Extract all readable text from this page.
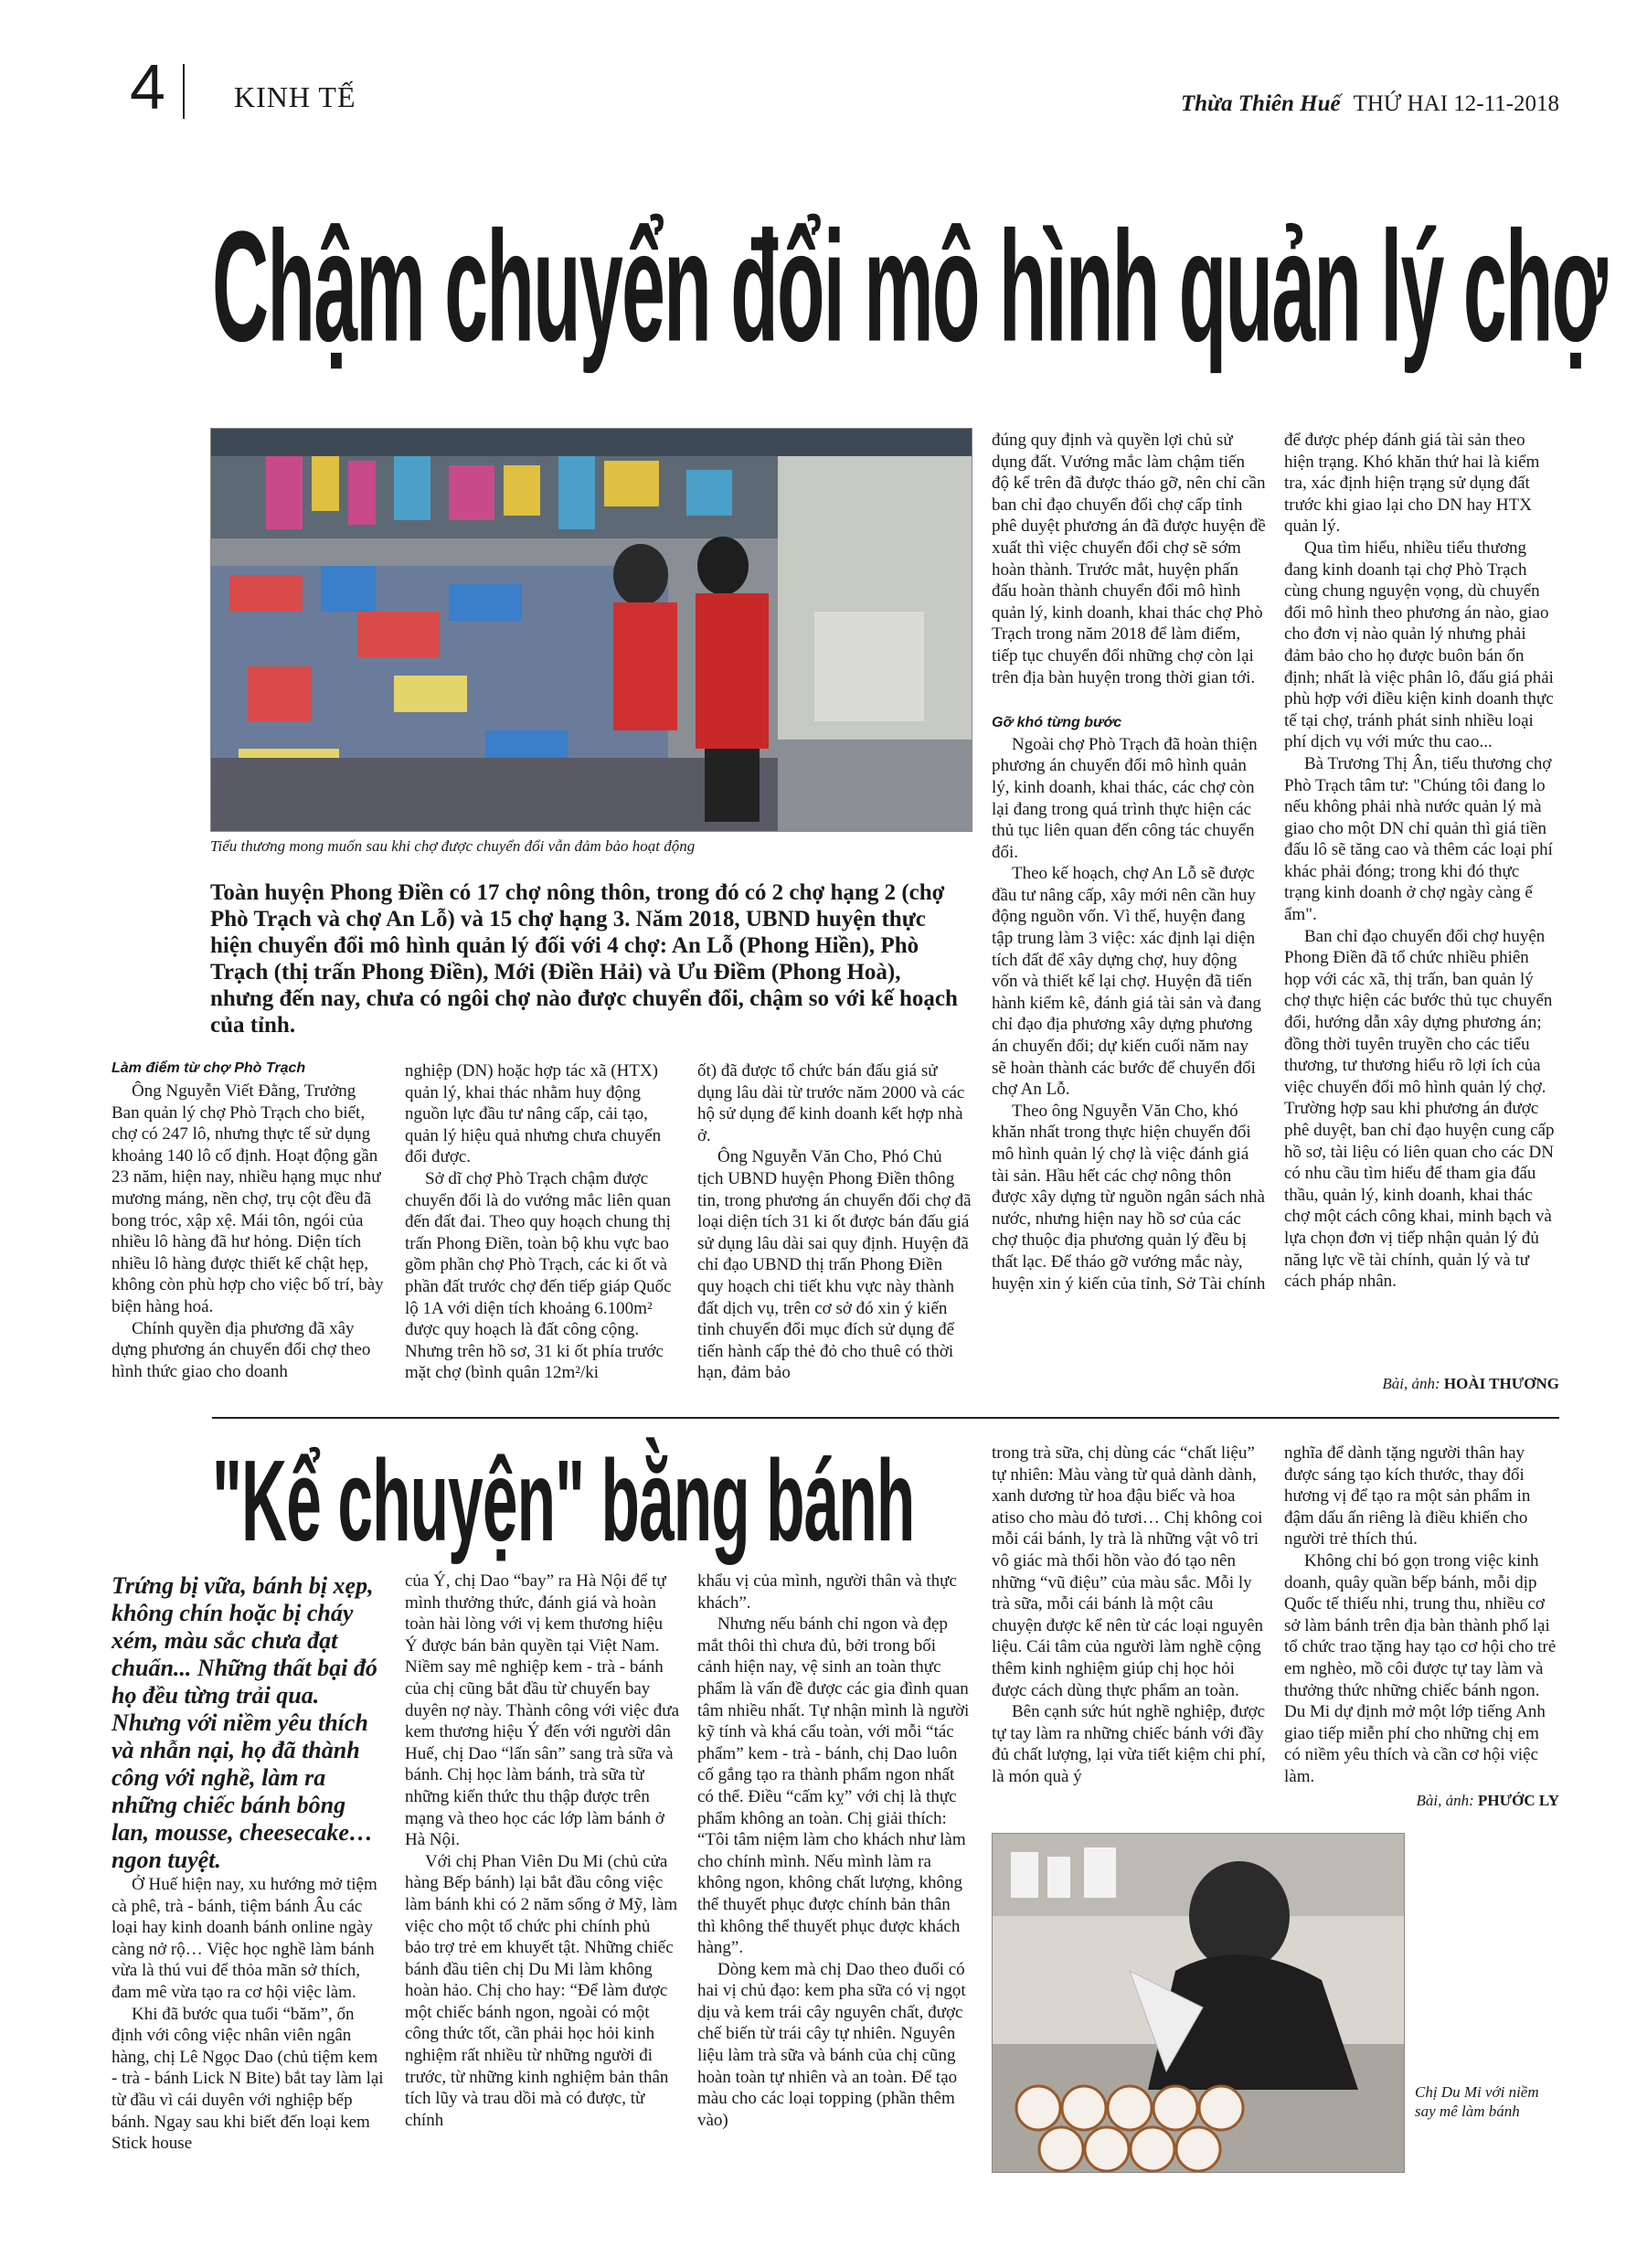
4 KINH TẾ	Thừa Thiên Huế THỨ HAI 12-11-2018
Chậm chuyển đổi mô hình quản lý chợ
Tiểu thương mong muốn sau khi chợ được chuyển đổi vẫn đảm bảo hoạt động
Toàn huyện Phong Điền có 17 chợ nông thôn, trong đó có 2 chợ hạng 2 (chợ Phò Trạch và chợ An Lỗ) và 15 chợ hạng 3. Năm 2018, UBND huyện thực hiện chuyển đổi mô hình quản lý đối với 4 chợ: An Lỗ (Phong Hiền), Phò Trạch (thị trấn Phong Điền), Mới (Điền Hải) và Ưu Điềm (Phong Hoà), nhưng đến nay, chưa có ngôi chợ nào được chuyển đổi, chậm so với kế hoạch của tỉnh.
Làm điểm từ chợ Phò Trạch

Ông Nguyễn Viết Đằng, Trưởng Ban quản lý chợ Phò Trạch cho biết, chợ có 247 lô, nhưng thực tế sử dụng khoảng 140 lô cố định. Hoạt động gần 23 năm, hiện nay, nhiều hạng mục như mương máng, nền chợ, trụ cột đều đã bong tróc, xập xệ. Mái tôn, ngói của nhiều lô hàng đã hư hỏng. Diện tích nhiều lô hàng được thiết kế chật hẹp, không còn phù hợp cho việc bố trí, bày biện hàng hoá.

Chính quyền địa phương đã xây dựng phương án chuyển đổi chợ theo hình thức giao cho doanh

nghiệp (DN) hoặc hợp tác xã (HTX) quản lý, khai thác nhằm huy động nguồn lực đầu tư nâng cấp, cải tạo, quản lý hiệu quả nhưng chưa chuyển đổi được.

Sở dĩ chợ Phò Trạch chậm được chuyển đổi là do vướng mắc liên quan đến đất đai. Theo quy hoạch chung thị trấn Phong Điền, toàn bộ khu vực bao gồm phần chợ Phò Trạch, các ki ốt và phần đất trước chợ đến tiếp giáp Quốc lộ 1A với diện tích khoảng 6.100m² được quy hoạch là đất công cộng. Nhưng trên hồ sơ, 31 ki ốt phía trước mặt chợ (bình quân 12m²/ki

ốt) đã được tổ chức bán đấu giá sử dụng lâu dài từ trước năm 2000 và các hộ sử dụng để kinh doanh kết hợp nhà ở.

Ông Nguyễn Văn Cho, Phó Chủ tịch UBND huyện Phong Điền thông tin, trong phương án chuyển đổi chợ đã loại diện tích 31 ki ốt được bán đấu giá sử dụng lâu dài sai quy định. Huyện đã chỉ đạo UBND thị trấn Phong Điền quy hoạch chi tiết khu vực này thành đất dịch vụ, trên cơ sở đó xin ý kiến tỉnh chuyển đổi mục đích sử dụng để tiến hành cấp thẻ đỏ cho thuê có thời hạn, đảm bảo

đúng quy định và quyền lợi chủ sử dụng đất. Vướng mắc làm chậm tiến độ kể trên đã được tháo gỡ, nên chỉ cần ban chỉ đạo chuyển đổi chợ cấp tỉnh phê duyệt phương án đã được huyện đề xuất thì việc chuyển đổi chợ sẽ sớm hoàn thành. Trước mắt, huyện phấn đấu hoàn thành chuyển đổi mô hình quản lý, kinh doanh, khai thác chợ Phò Trạch trong năm 2018 để làm điểm, tiếp tục chuyển đổi những chợ còn lại trên địa bàn huyện trong thời gian tới.

Gỡ khó từng bước

Ngoài chợ Phò Trạch đã hoàn thiện phương án chuyển đổi mô hình quản lý, kinh doanh, khai thác, các chợ còn lại đang trong quá trình thực hiện các thủ tục liên quan đến công tác chuyển đổi.

Theo kế hoạch, chợ An Lỗ sẽ được đầu tư nâng cấp, xây mới nên cần huy động nguồn vốn. Vì thế, huyện đang tập trung làm 3 việc: xác định lại diện tích đất để xây dựng chợ, huy động vốn và thiết kế lại chợ. Huyện đã tiến hành kiểm kê, đánh giá tài sản và đang chỉ đạo địa phương xây dựng phương án chuyển đổi; dự kiến cuối năm nay sẽ hoàn thành các bước để chuyển đổi chợ An Lỗ.

Theo ông Nguyễn Văn Cho, khó khăn nhất trong thực hiện chuyển đổi mô hình quản lý chợ là việc đánh giá tài sản. Hầu hết các chợ nông thôn được xây dựng từ nguồn ngân sách nhà nước, nhưng hiện nay hồ sơ của các chợ thuộc địa phương quản lý đều bị thất lạc. Để tháo gỡ vướng mắc này, huyện xin ý kiến của tỉnh, Sở Tài chính

để được phép đánh giá tài sản theo hiện trạng. Khó khăn thứ hai là kiểm tra, xác định hiện trạng sử dụng đất trước khi giao lại cho DN hay HTX quản lý.

Qua tìm hiểu, nhiều tiểu thương đang kinh doanh tại chợ Phò Trạch cùng chung nguyện vọng, dù chuyển đổi mô hình theo phương án nào, giao cho đơn vị nào quản lý nhưng phải đảm bảo cho họ được buôn bán ổn định; nhất là việc phân lô, đấu giá phải phù hợp với điều kiện kinh doanh thực tế tại chợ, tránh phát sinh nhiều loại phí dịch vụ với mức thu cao...

Bà Trương Thị Ân, tiểu thương chợ Phò Trạch tâm tư: "Chúng tôi đang lo nếu không phải nhà nước quản lý mà giao cho một DN chỉ quản thì giá tiền đấu lô sẽ tăng cao và thêm các loại phí khác phải đóng; trong khi đó thực trạng kinh doanh ở chợ ngày càng ế ẩm".

Ban chỉ đạo chuyển đổi chợ huyện Phong Điền đã tổ chức nhiều phiên họp với các xã, thị trấn, ban quản lý chợ thực hiện các bước thủ tục chuyển đổi, hướng dẫn xây dựng phương án; đồng thời tuyên truyền cho các tiểu thương, tư thương hiểu rõ lợi ích của việc chuyển đổi mô hình quản lý chợ. Trường hợp sau khi phương án được phê duyệt, ban chỉ đạo huyện cung cấp hồ sơ, tài liệu có liên quan cho các DN có nhu cầu tìm hiểu để tham gia đấu thầu, quản lý, kinh doanh, khai thác chợ một cách công khai, minh bạch và lựa chọn đơn vị tiếp nhận quản lý đủ năng lực về tài chính, quản lý và tư cách pháp nhân.

Bài, ảnh: HOÀI THƯƠNG
"Kể chuyện" bằng bánh
Trứng bị vữa, bánh bị xẹp, không chín hoặc bị cháy xém, màu sắc chưa đạt chuẩn... Những thất bại đó họ đều từng trải qua. Nhưng với niềm yêu thích và nhẫn nại, họ đã thành công với nghề, làm ra những chiếc bánh bông lan, mousse, cheesecake… ngon tuyệt.

Ở Huế hiện nay, xu hướng mở tiệm cà phê, trà - bánh, tiệm bánh Âu các loại hay kinh doanh bánh online ngày càng nở rộ… Việc học nghề làm bánh vừa là thú vui để thỏa mãn sở thích, đam mê vừa tạo ra cơ hội việc làm.

Khi đã bước qua tuổi “băm”, ổn định với công việc nhân viên ngân hàng, chị Lê Ngọc Dao (chủ tiệm kem - trà - bánh Lick N Bite) bắt tay làm lại từ đầu vì cái duyên với nghiệp bếp bánh. Ngay sau khi biết đến loại kem Stick house

của Ý, chị Dao “bay” ra Hà Nội để tự mình thưởng thức, đánh giá và hoàn toàn hài lòng với vị kem thương hiệu Ý được bán bản quyền tại Việt Nam. Niềm say mê nghiệp kem - trà - bánh của chị cũng bắt đầu từ chuyến bay duyên nợ này. Thành công với việc đưa kem thương hiệu Ý đến với người dân Huế, chị Dao “lấn sân” sang trà sữa và bánh. Chị học làm bánh, trà sữa từ những kiến thức thu thập được trên mạng và theo học các lớp làm bánh ở Hà Nội.

Với chị Phan Viên Du Mi (chủ cửa hàng Bếp bánh) lại bắt đầu công việc làm bánh khi có 2 năm sống ở Mỹ, làm việc cho một tổ chức phi chính phủ bảo trợ trẻ em khuyết tật. Những chiếc bánh đầu tiên chị Du Mi làm không hoàn hảo. Chị cho hay: “Để làm được một chiếc bánh ngon, ngoài có một công thức tốt, cần phải học hỏi kinh nghiệm rất nhiều từ những người đi trước, từ những kinh nghiệm bản thân tích lũy và trau dồi mà có được, từ chính

khẩu vị của mình, người thân và thực khách”.

Nhưng nếu bánh chỉ ngon và đẹp mắt thôi thì chưa đủ, bởi trong bối cảnh hiện nay, vệ sinh an toàn thực phẩm là vấn đề được các gia đình quan tâm nhiều nhất. Tự nhận mình là người kỹ tính và khá cẩu toàn, với mỗi “tác phẩm” kem - trà - bánh, chị Dao luôn cố gắng tạo ra thành phẩm ngon nhất có thể. Điều “cấm kỵ” với chị là thực phẩm không an toàn. Chị giải thích: “Tôi tâm niệm làm cho khách như làm cho chính mình. Nếu mình làm ra không ngon, không chất lượng, không thể thuyết phục được chính bản thân thì không thể thuyết phục được khách hàng”.

Dòng kem mà chị Dao theo đuổi có hai vị chủ đạo: kem pha sữa có vị ngọt dịu và kem trái cây nguyên chất, được chế biến từ trái cây tự nhiên. Nguyên liệu làm trà sữa và bánh của chị cũng hoàn toàn tự nhiên và an toàn. Để tạo màu cho các loại topping (phần thêm vào)

trong trà sữa, chị dùng các “chất liệu” tự nhiên: Màu vàng từ quả dành dành, xanh dương từ hoa đậu biếc và hoa atiso cho màu đỏ tươi… Chị không coi mỗi cái bánh, ly trà là những vật vô tri vô giác mà thổi hồn vào đó tạo nên những “vũ điệu” của màu sắc. Mỗi ly trà sữa, mỗi cái bánh là một câu chuyện được kể nên từ các loại nguyên liệu. Cái tâm của người làm nghề cộng thêm kinh nghiệm giúp chị học hỏi được cách dùng thực phẩm an toàn.

Bên cạnh sức hút nghề nghiệp, được tự tay làm ra những chiếc bánh với đầy đủ chất lượng, lại vừa tiết kiệm chi phí, là món quà ý

nghĩa để dành tặng người thân hay được sáng tạo kích thước, thay đổi hương vị để tạo ra một sản phẩm in đậm dấu ấn riêng là điều khiến cho người trẻ thích thú.

Không chỉ bó gọn trong việc kinh doanh, quây quần bếp bánh, mỗi dịp Quốc tế thiếu nhi, trung thu, nhiều cơ sở làm bánh trên địa bàn thành phố lại tổ chức trao tặng hay tạo cơ hội cho trẻ em nghèo, mồ côi được tự tay làm và thưởng thức những chiếc bánh ngon. Du Mi dự định mở một lớp tiếng Anh giao tiếp miễn phí cho những chị em có niềm yêu thích và cần cơ hội việc làm.

Bài, ảnh: PHƯỚC LY
Chị Du Mi với niềm say mê làm bánh
